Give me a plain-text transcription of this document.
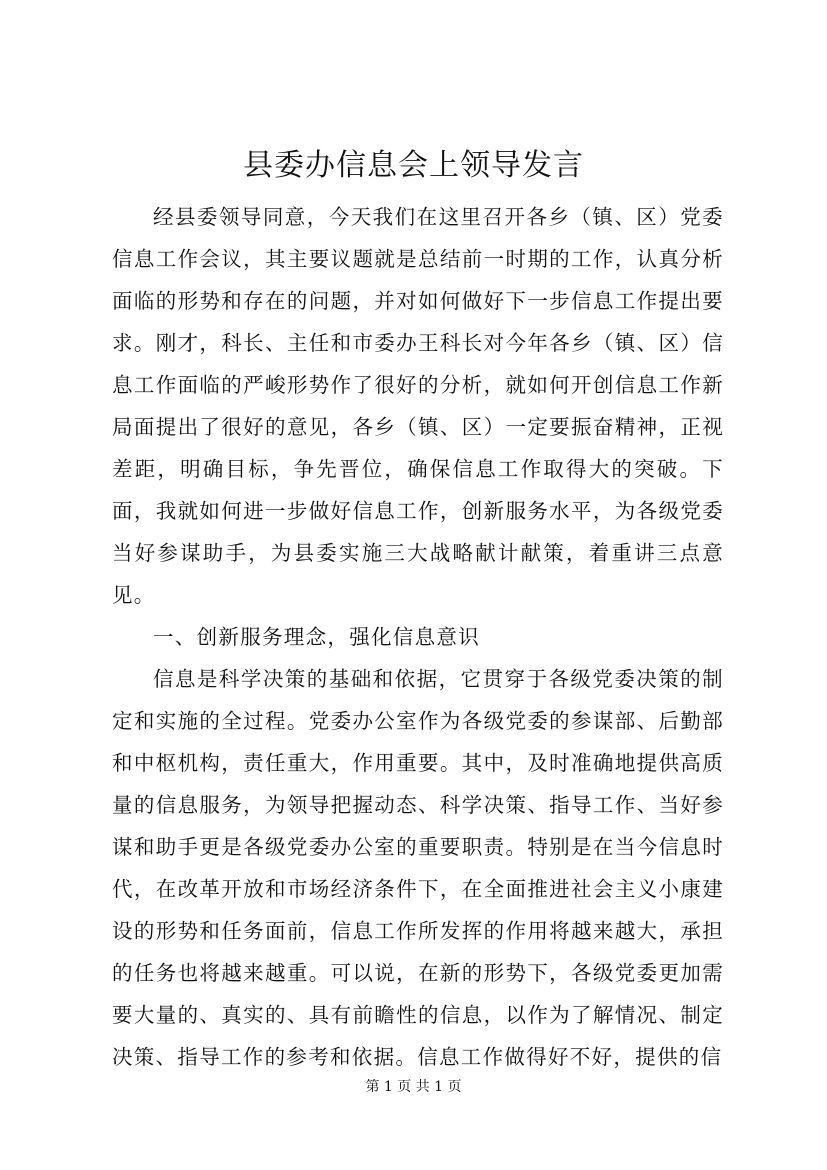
县委办信息会上领导发言

经县委领导同意，今天我们在这里召开各乡（镇、区）党委信息工作会议，其主要议题就是总结前一时期的工作，认真分析面临的形势和存在的问题，并对如何做好下一步信息工作提出要求。刚才，科长、主任和市委办王科长对今年各乡（镇、区）信息工作面临的严峻形势作了很好的分析，就如何开创信息工作新局面提出了很好的意见，各乡（镇、区）一定要振奋精神，正视差距，明确目标，争先晋位，确保信息工作取得大的突破。下面，我就如何进一步做好信息工作，创新服务水平，为各级党委当好参谋助手，为县委实施三大战略献计献策，着重讲三点意见。

一、创新服务理念，强化信息意识

信息是科学决策的基础和依据，它贯穿于各级党委决策的制定和实施的全过程。党委办公室作为各级党委的参谋部、后勤部和中枢机构，责任重大，作用重要。其中，及时准确地提供高质量的信息服务，为领导把握动态、科学决策、指导工作、当好参谋和助手更是各级党委办公室的重要职责。特别是在当今信息时代，在改革开放和市场经济条件下，在全面推进社会主义小康建设的形势和任务面前，信息工作所发挥的作用将越来越大，承担的任务也将越来越重。可以说，在新的形势下，各级党委更加需要大量的、真实的、具有前瞻性的信息，以作为了解情况、制定决策、指导工作的参考和依据。信息工作做得好不好，提供的信

第 1 页 共 1 页
